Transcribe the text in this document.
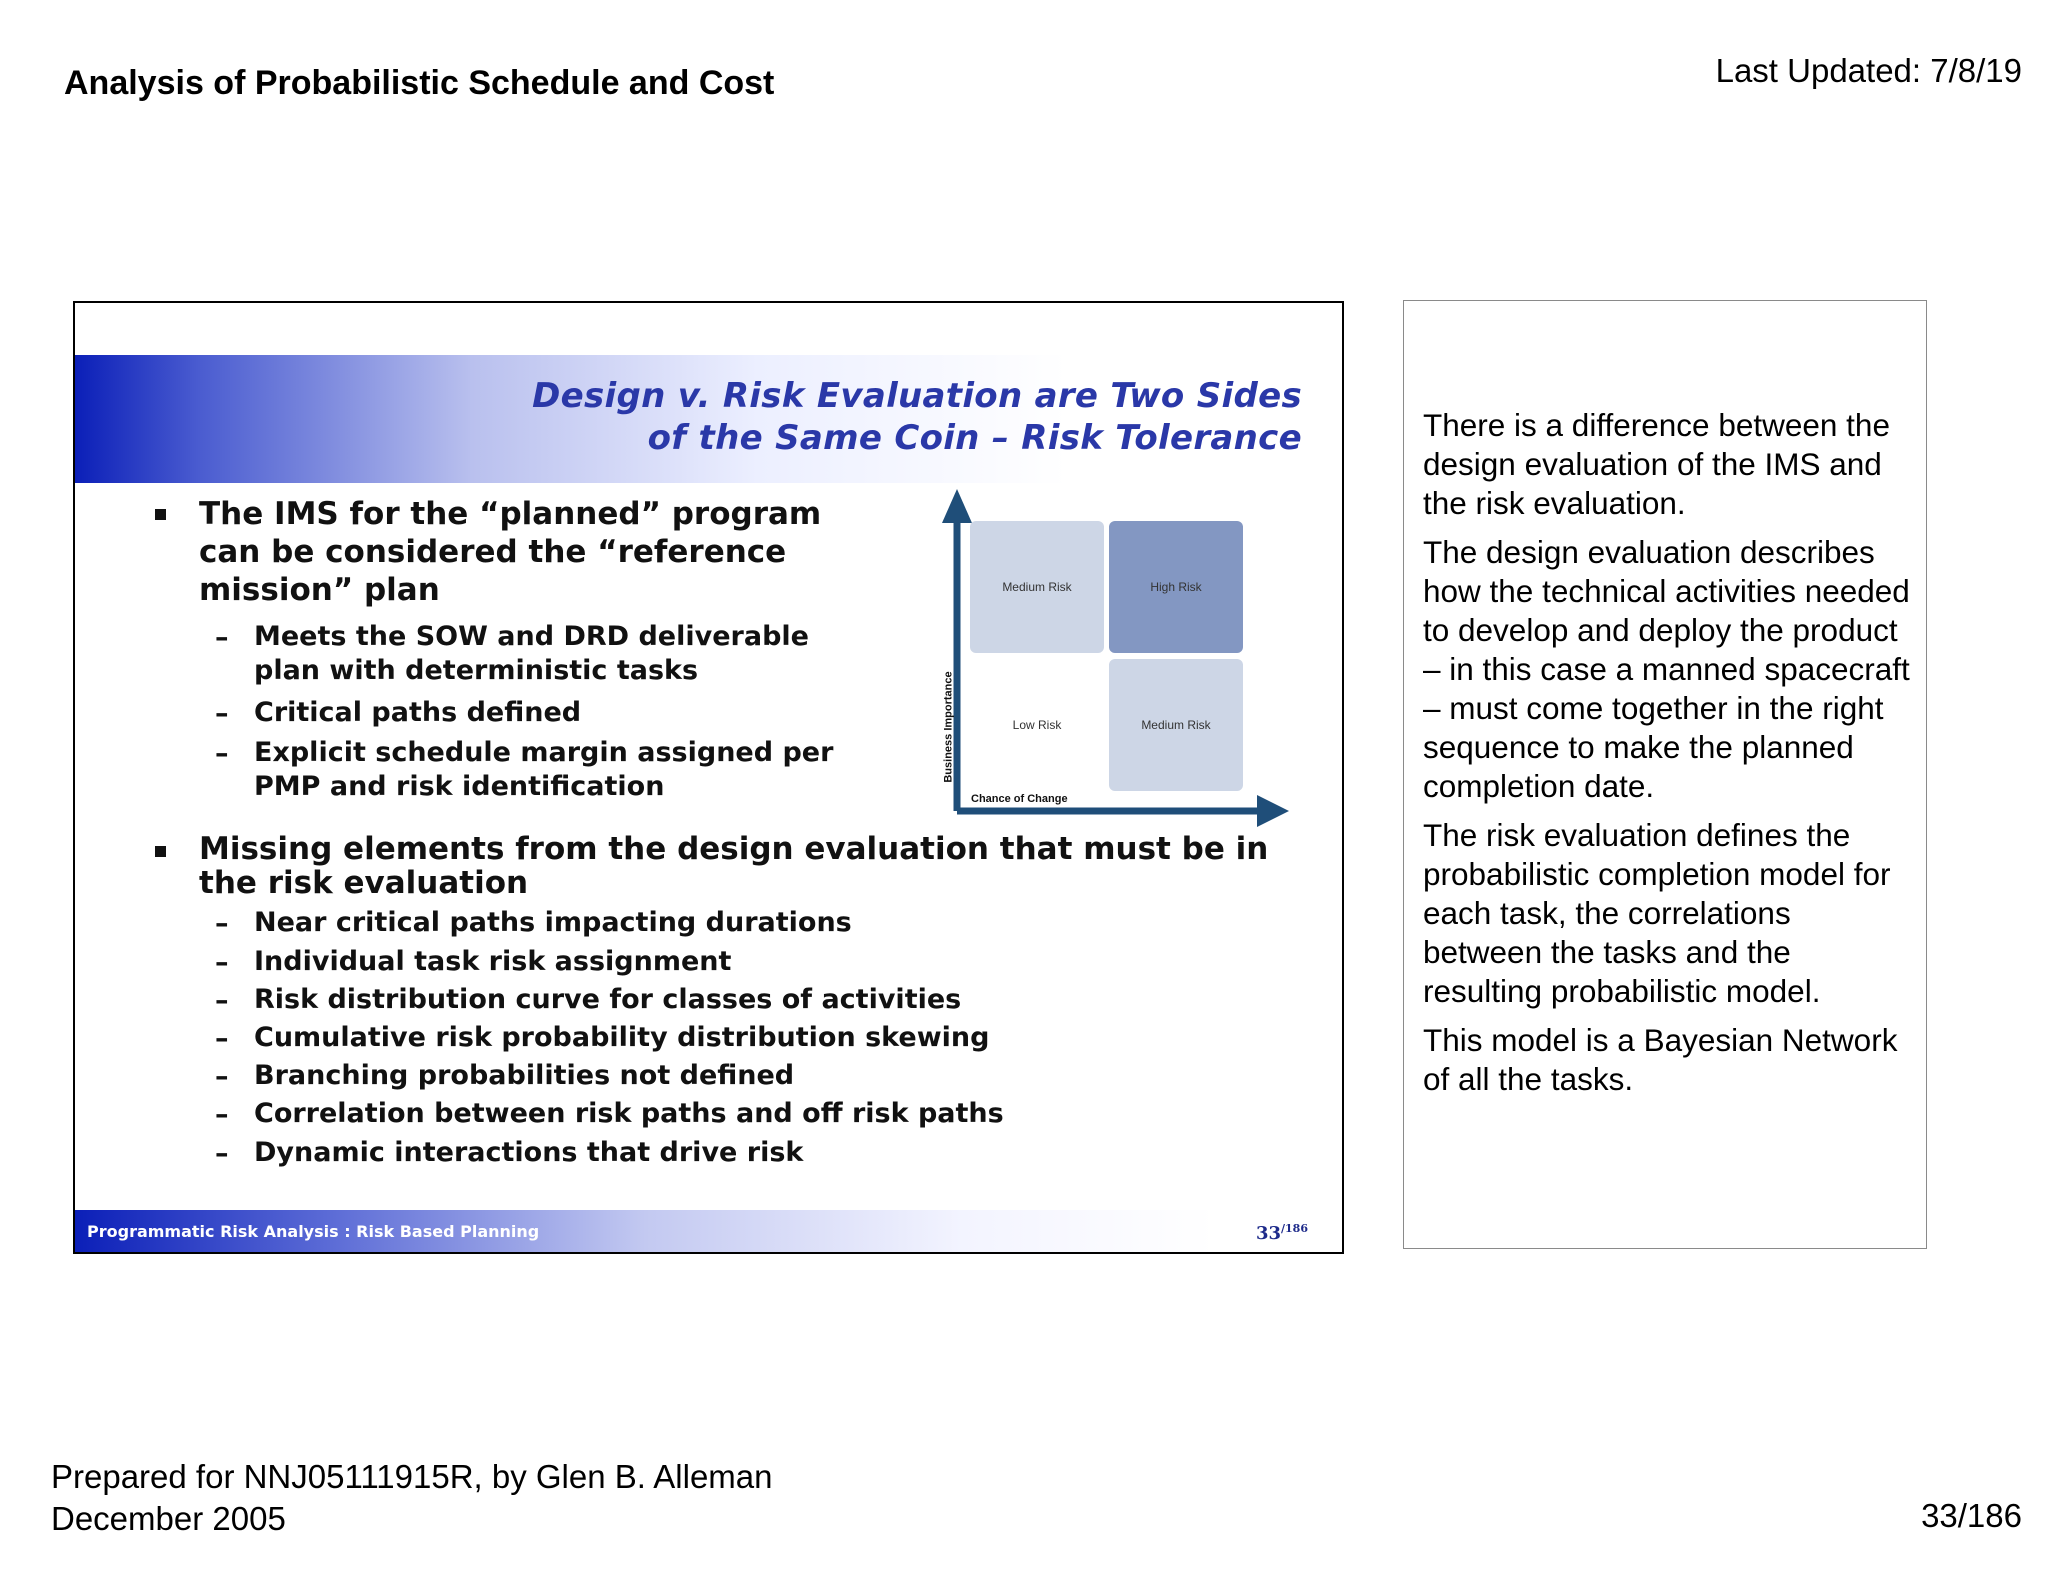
Analysis of Probabilistic Schedule and Cost	Last Updated: 7/8/19
Design v. Risk Evaluation are Two Sides
of the Same Coin – Risk Tolerance
The IMS for the “planned” program
can be considered the “reference
mission” plan
– Meets the SOW and DRD deliverable
plan with deterministic tasks
– Critical paths defined
– Explicit schedule margin assigned per
PMP and risk identification
Missing elements from the design evaluation that must be in
the risk evaluation
– Near critical paths impacting durations
– Individual task risk assignment
– Risk distribution curve for classes of activities
– Cumulative risk probability distribution skewing
– Branching probabilities not defined
– Correlation between risk paths and off risk paths
– Dynamic interactions that drive risk
Medium Risk	High Risk
Low Risk	Medium Risk
Business Importance
Chance of Change
Programmatic Risk Analysis : Risk Based Planning	$33^{/186}$

There is a difference between the design evaluation of the IMS and the risk evaluation.

The design evaluation describes how the technical activities needed to develop and deploy the product – in this case a manned spacecraft – must come together in the right sequence to make the planned completion date.

The risk evaluation defines the probabilistic completion model for each task, the correlations between the tasks and the resulting probabilistic model.

This model is a Bayesian Network of all the tasks.

Prepared for NNJ05111915R, by Glen B. Alleman
December 2005	33/186
